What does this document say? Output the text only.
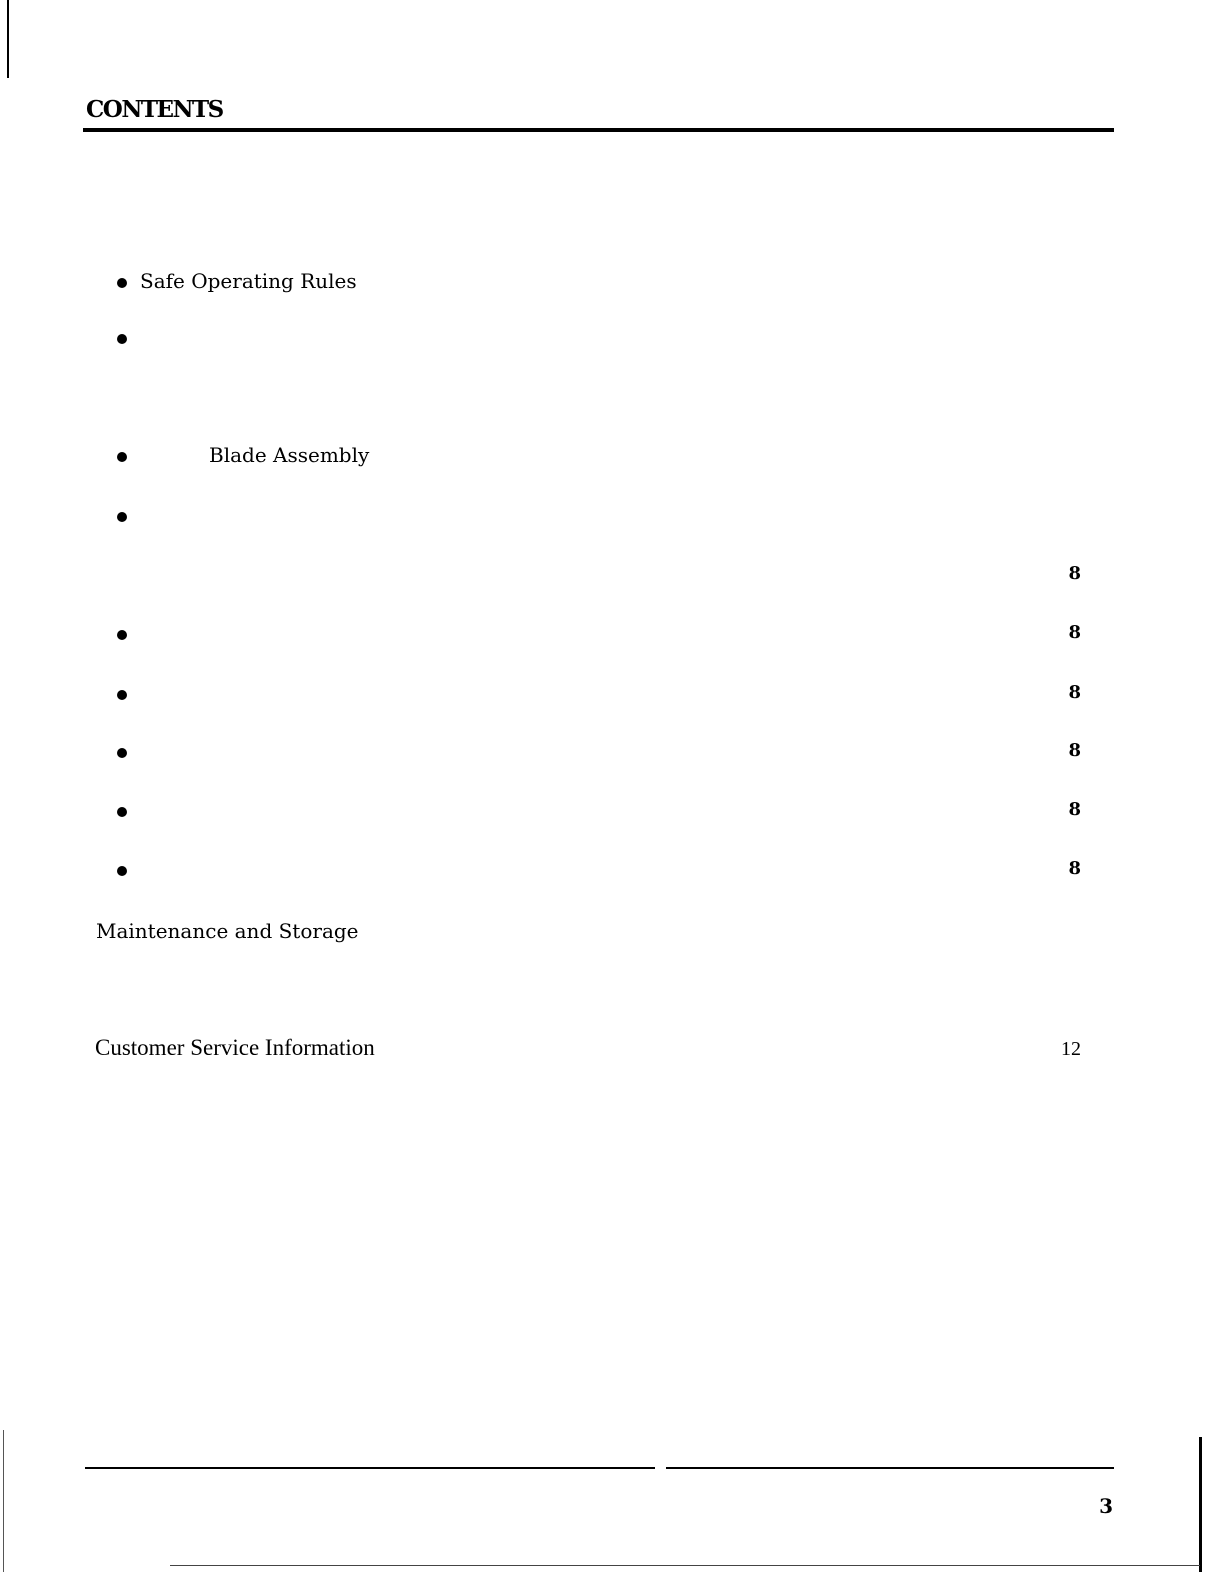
CONTENTS
Safe Operating Rules
Blade Assembly
8
8
8
8
8
8
Maintenance and Storage
Customer Service Information	12
3
